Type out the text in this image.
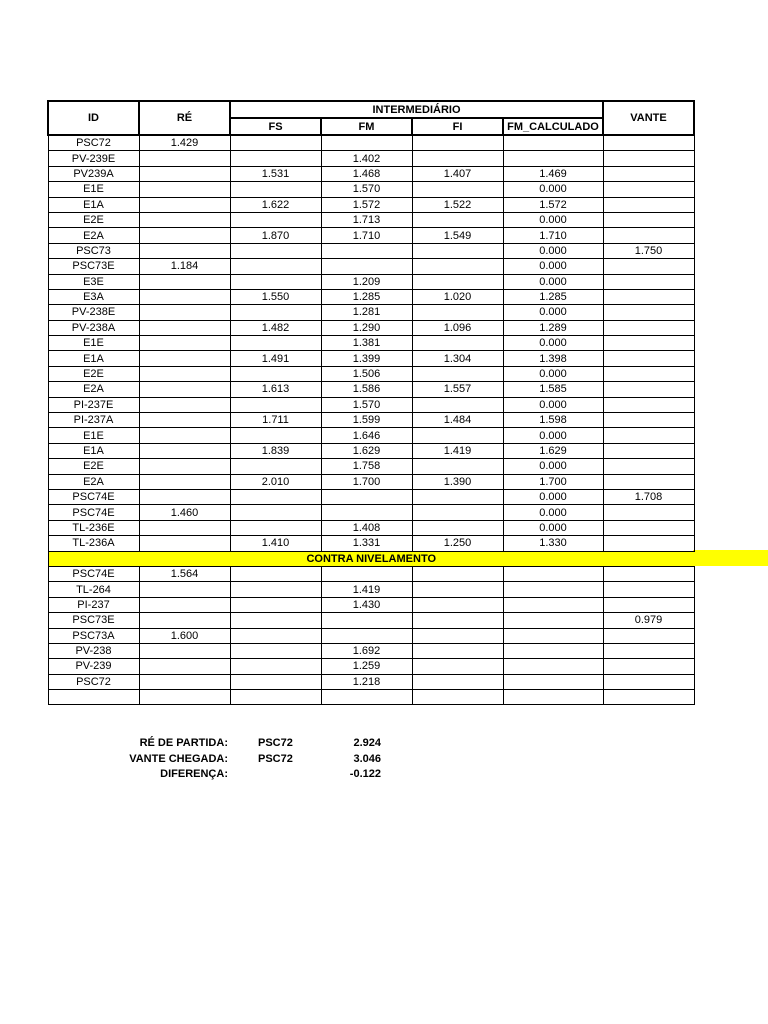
ID	RÉ	INTERMEDIÁRIO				VANTE
		FS	FM	FI	FM_CALCULADO	
PSC72	1.429					
PV-239E			1.402			
PV239A		1.531	1.468	1.407	1.469	
E1E			1.570		0.000	
E1A		1.622	1.572	1.522	1.572	
E2E			1.713		0.000	
E2A		1.870	1.710	1.549	1.710	
PSC73					0.000	1.750
PSC73E	1.184				0.000	
E3E			1.209		0.000	
E3A		1.550	1.285	1.020	1.285	
PV-238E			1.281		0.000	
PV-238A		1.482	1.290	1.096	1.289	
E1E			1.381		0.000	
E1A		1.491	1.399	1.304	1.398	
E2E			1.506		0.000	
E2A		1.613	1.586	1.557	1.585	
PI-237E			1.570		0.000	
PI-237A		1.711	1.599	1.484	1.598	
E1E			1.646		0.000	
E1A		1.839	1.629	1.419	1.629	
E2E			1.758		0.000	
E2A		2.010	1.700	1.390	1.700	
PSC74E					0.000	1.708
PSC74E	1.460				0.000	
TL-236E			1.408		0.000	
TL-236A		1.410	1.331	1.250	1.330	
CONTRA NIVELAMENTO						
PSC74E	1.564					
TL-264			1.419			
PI-237			1.430			
PSC73E						0.979
PSC73A	1.600					
PV-238			1.692			
PV-239			1.259			
PSC72			1.218			

RÉ DE PARTIDA:	PSC72	2.924
VANTE CHEGADA:	PSC72	3.046
DIFERENÇA:	-0.122
